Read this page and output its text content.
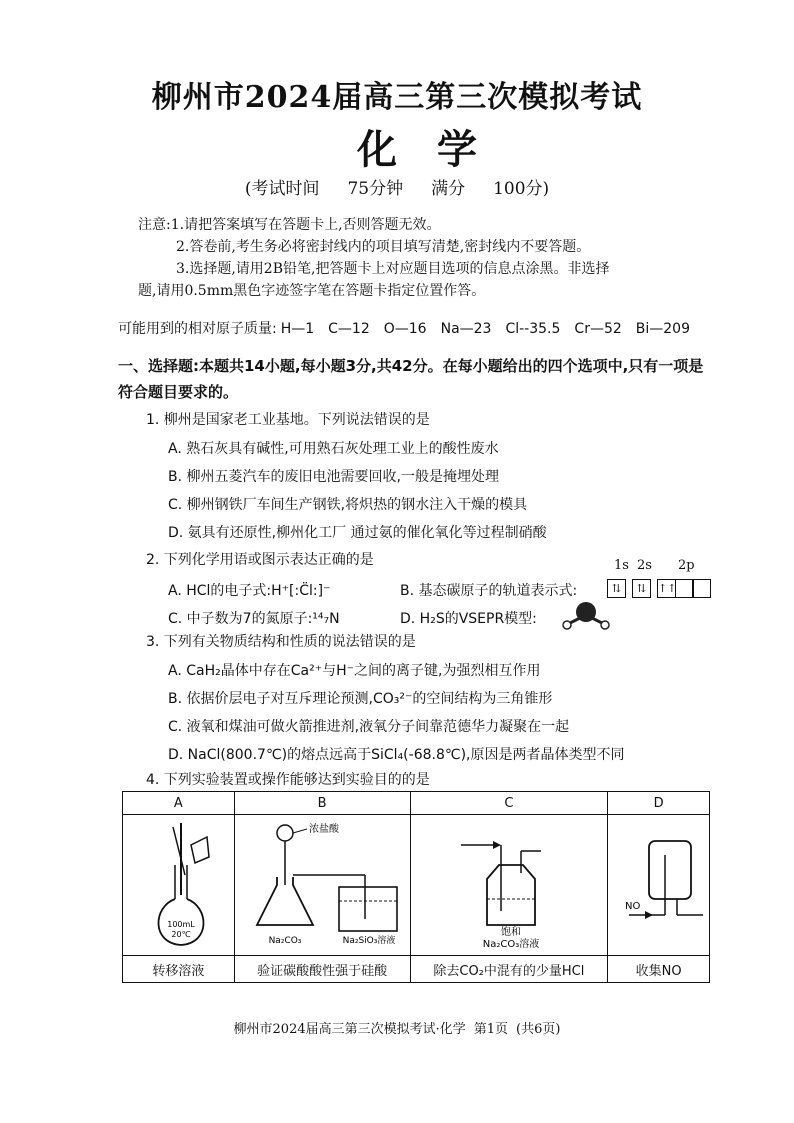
柳州市2024届高三第三次模拟考试
化学
(考试时间 75分钟 满分 100分)
注意:1.请把答案填写在答题卡上,否则答题无效。
2.答卷前,考生务必将密封线内的项目填写清楚,密封线内不要答题。
3.选择题,请用2B铅笔,把答题卡上对应题目选项的信息点涂黑。非选择
题,请用0.5mm黑色字迹签字笔在答题卡指定位置作答。
可能用到的相对原子质量: H—1 C—12 O—16 Na—23 Cl--35.5 Cr—52 Bi—209
一、选择题:本题共14小题,每小题3分,共42分。在每小题给出的四个选项中,只有一项是
符合题目要求的。
1. 柳州是国家老工业基地。下列说法错误的是
A. 熟石灰具有碱性,可用熟石灰处理工业上的酸性废水
B. 柳州五菱汽车的废旧电池需要回收,一般是掩埋处理
C. 柳州钢铁厂车间生产钢铁,将炽热的钢水注入干燥的模具
D. 氨具有还原性,柳州化工厂 通过氨的催化氧化等过程制硝酸
2. 下列化学用语或图示表达正确的是
A. HCl的电子式:H⁺[:C̈l:]⁻	B. 基态碳原子的轨道表示式:
1s 2s 2p
⇅ ⇅ ↑↑
C. 中子数为7的氮原子:¹⁴₇N	D. H₂S的VSEPR模型:
3. 下列有关物质结构和性质的说法错误的是
A. CaH₂晶体中存在Ca²⁺与H⁻之间的离子键,为强烈相互作用
B. 依据价层电子对互斥理论预测,CO₃²⁻的空间结构为三角锥形
C. 液氧和煤油可做火箭推进剂,液氧分子间靠范德华力凝聚在一起
D. NaCl(800.7℃)的熔点远高于SiCl₄(-68.8℃),原因是两者晶体类型不同
4. 下列实验装置或操作能够达到实验目的的是
A	B	C	D

100mL
20℃	浓盐酸
Na₂CO₃ Na₂SiO₃溶液	饱和
Na₂CO₃溶液	NO

转移溶液	验证碳酸酸性强于硅酸	除去CO₂中混有的少量HCl	收集NO
柳州市2024届高三第三次模拟考试·化学 第1页 (共6页)
